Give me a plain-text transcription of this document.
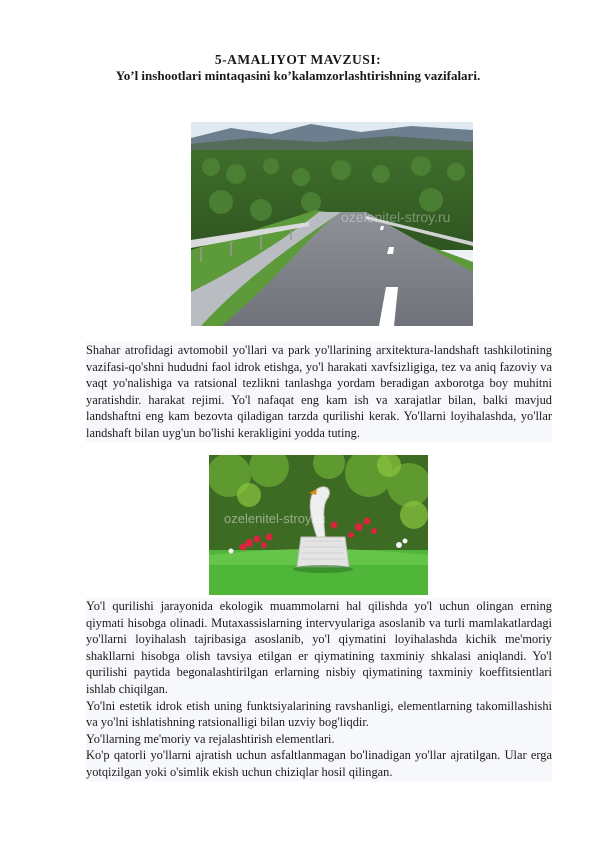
5-AMALIYOT MAVZUSI:
Yo’l inshootlari mintaqasini ko’kalamzorlashtirishning vazifalari.
ozelenitel-stroy.ru

Shahar atrofidagi avtomobil yo'llari va park yo'llarining arxitektura-landshaft tashkilotining vazifasi-qo'shni hududni faol idrok etishga, yo'l harakati xavfsizligiga, tez va aniq fazoviy va vaqt yo'nalishiga va ratsional tezlikni tanlashga yordam beradigan axborotga boy muhitni yaratishdir. harakat rejimi. Yo'l nafaqat eng kam ish va xarajatlar bilan, balki mavjud landshaftni eng kam bezovta qiladigan tarzda qurilishi kerak. Yo'llarni loyihalashda, yo'llar landshaft bilan uyg'un bo'lishi kerakligini yodda tuting.

ozelenitel-stroy.ru

Yo'l qurilishi jarayonida ekologik muammolarni hal qilishda yo'l uchun olingan erning qiymati hisobga olinadi. Mutaxassislarning intervyulariga asoslanib va turli mamlakatlardagi yo'llarni loyihalash tajribasiga asoslanib, yo'l qiymatini loyihalashda kichik me'moriy shakllarni hisobga olish tavsiya etilgan er qiymatining taxminiy shkalasi aniqlandi. Yo'l qurilishi paytida begonalashtirilgan erlarning nisbiy qiymatining taxminiy koeffitsientlari ishlab chiqilgan.

Yo'lni estetik idrok etish uning funktsiyalarining ravshanligi, elementlarning takomillashishi va yo'lni ishlatishning ratsionalligi bilan uzviy bog'liqdir.

Yo'llarning me'moriy va rejalashtirish elementlari.

Ko'p qatorli yo'llarni ajratish uchun asfaltlanmagan bo'linadigan yo'llar ajratilgan. Ular erga yotqizilgan yoki o'simlik ekish uchun chiziqlar hosil qilingan.
